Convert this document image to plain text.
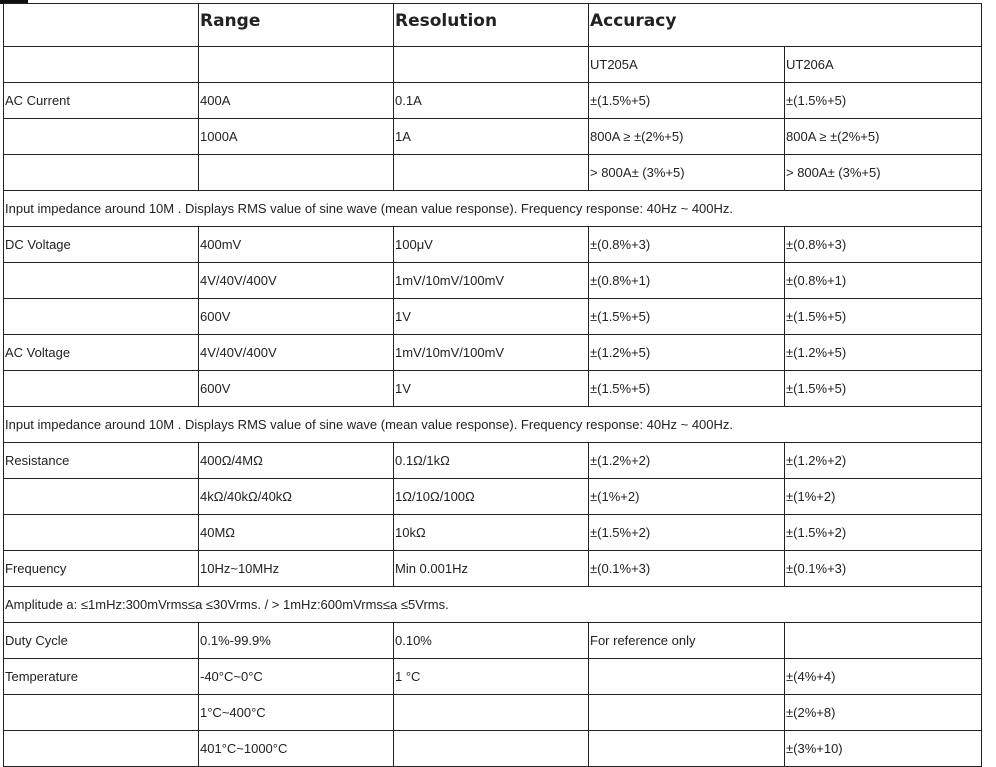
	Range	Resolution	Accuracy	
			UT205A	UT206A
AC Current	400A	0.1A	±(1.5%+5)	±(1.5%+5)
	1000A	1A	800A ≥ ±(2%+5)	800A ≥ ±(2%+5)
			> 800A± (3%+5)	> 800A± (3%+5)
Input impedance around 10M . Displays RMS value of sine wave (mean value response). Frequency response: 40Hz ~ 400Hz.				
DC Voltage	400mV	100μV	±(0.8%+3)	±(0.8%+3)
	4V/40V/400V	1mV/10mV/100mV	±(0.8%+1)	±(0.8%+1)
	600V	1V	±(1.5%+5)	±(1.5%+5)
AC Voltage	4V/40V/400V	1mV/10mV/100mV	±(1.2%+5)	±(1.2%+5)
	600V	1V	±(1.5%+5)	±(1.5%+5)
Input impedance around 10M . Displays RMS value of sine wave (mean value response). Frequency response: 40Hz ~ 400Hz.				
Resistance	400Ω/4MΩ	0.1Ω/1kΩ	±(1.2%+2)	±(1.2%+2)
	4kΩ/40kΩ/40kΩ	1Ω/10Ω/100Ω	±(1%+2)	±(1%+2)
	40MΩ	10kΩ	±(1.5%+2)	±(1.5%+2)
Frequency	10Hz~10MHz	Min 0.001Hz	±(0.1%+3)	±(0.1%+3)
Amplitude a: ≤1mHz:300mVrms≤a ≤30Vrms. / > 1mHz:600mVrms≤a ≤5Vrms.				
Duty Cycle	0.1%-99.9%	0.10%	For reference only	
Temperature	-40°C~0°C	1 °C		±(4%+4)
	1°C~400°C			±(2%+8)
	401°C~1000°C			±(3%+10)
